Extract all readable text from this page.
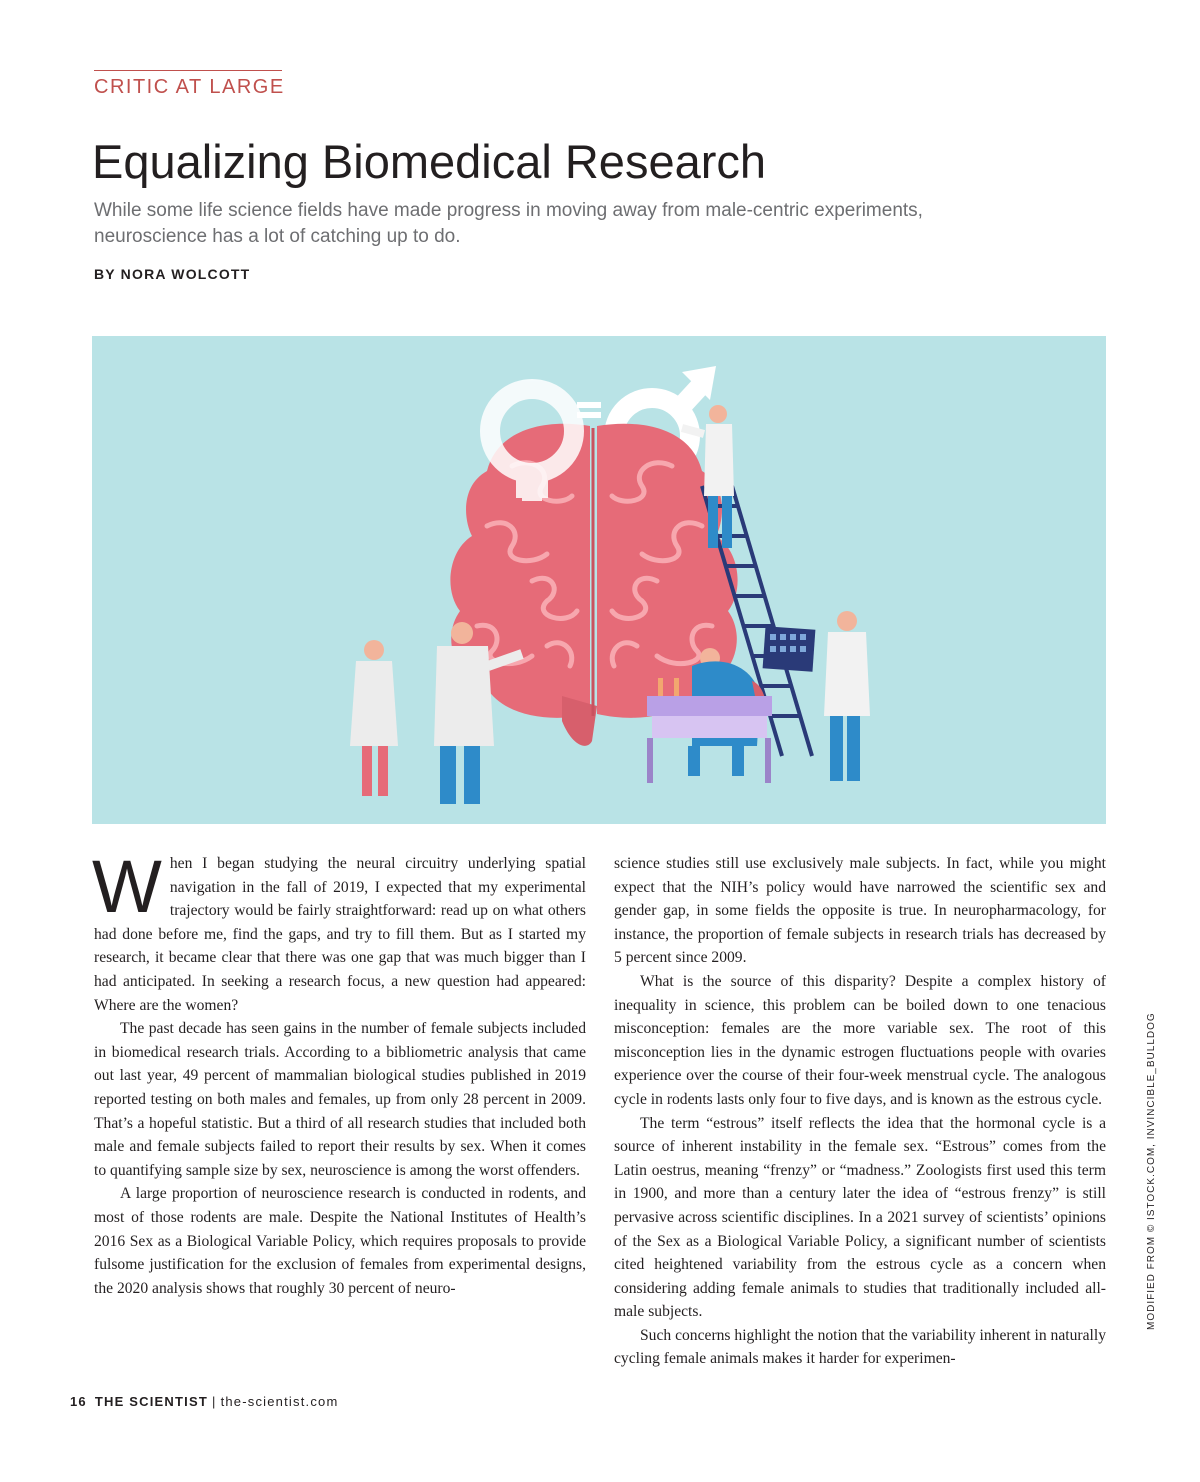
CRITIC AT LARGE
Equalizing Biomedical Research

While some life science fields have made progress in moving away from male-centric experiments, neuroscience has a lot of catching up to do.

BY NORA WOLCOTT

When I began studying the neural circuitry underlying spatial navigation in the fall of 2019, I expected that my experimental trajectory would be fairly straightforward: read up on what others had done before me, find the gaps, and try to fill them. But as I started my research, it became clear that there was one gap that was much bigger than I had anticipated. In seeking a research focus, a new question had appeared: Where are the women?

The past decade has seen gains in the number of female subjects included in biomedical research trials. According to a bibliometric analysis that came out last year, 49 percent of mammalian biological studies published in 2019 reported testing on both males and females, up from only 28 percent in 2009. That’s a hopeful statistic. But a third of all research studies that included both male and female subjects failed to report their results by sex. When it comes to quantifying sample size by sex, neuroscience is among the worst offenders.

A large proportion of neuroscience research is conducted in rodents, and most of those rodents are male. Despite the National Institutes of Health’s 2016 Sex as a Biological Variable Policy, which requires proposals to provide fulsome justification for the exclusion of females from experimental designs, the 2020 analysis shows that roughly 30 percent of neuro-

science studies still use exclusively male subjects. In fact, while you might expect that the NIH’s policy would have narrowed the scientific sex and gender gap, in some fields the opposite is true. In neuropharmacology, for instance, the proportion of female subjects in research trials has decreased by 5 percent since 2009.

What is the source of this disparity? Despite a complex history of inequality in science, this problem can be boiled down to one tenacious misconception: females are the more variable sex. The root of this misconception lies in the dynamic estrogen fluctuations people with ovaries experience over the course of their four-week menstrual cycle. The analogous cycle in rodents lasts only four to five days, and is known as the estrous cycle.

The term “estrous” itself reflects the idea that the hormonal cycle is a source of inherent instability in the female sex. “Estrous” comes from the Latin oestrus, meaning “frenzy” or “madness.” Zoologists first used this term in 1900, and more than a century later the idea of “estrous frenzy” is still pervasive across scientific disciplines. In a 2021 survey of scientists’ opinions of the Sex as a Biological Variable Policy, a significant number of scientists cited heightened variability from the estrous cycle as a concern when considering adding female animals to studies that traditionally included all-male subjects.

Such concerns highlight the notion that the variability inherent in naturally cycling female animals makes it harder for experimen-

MODIFIED FROM © ISTOCK.COM, INVINCIBLE_BULLDOG
16 THE SCIENTIST | the-scientist.com
